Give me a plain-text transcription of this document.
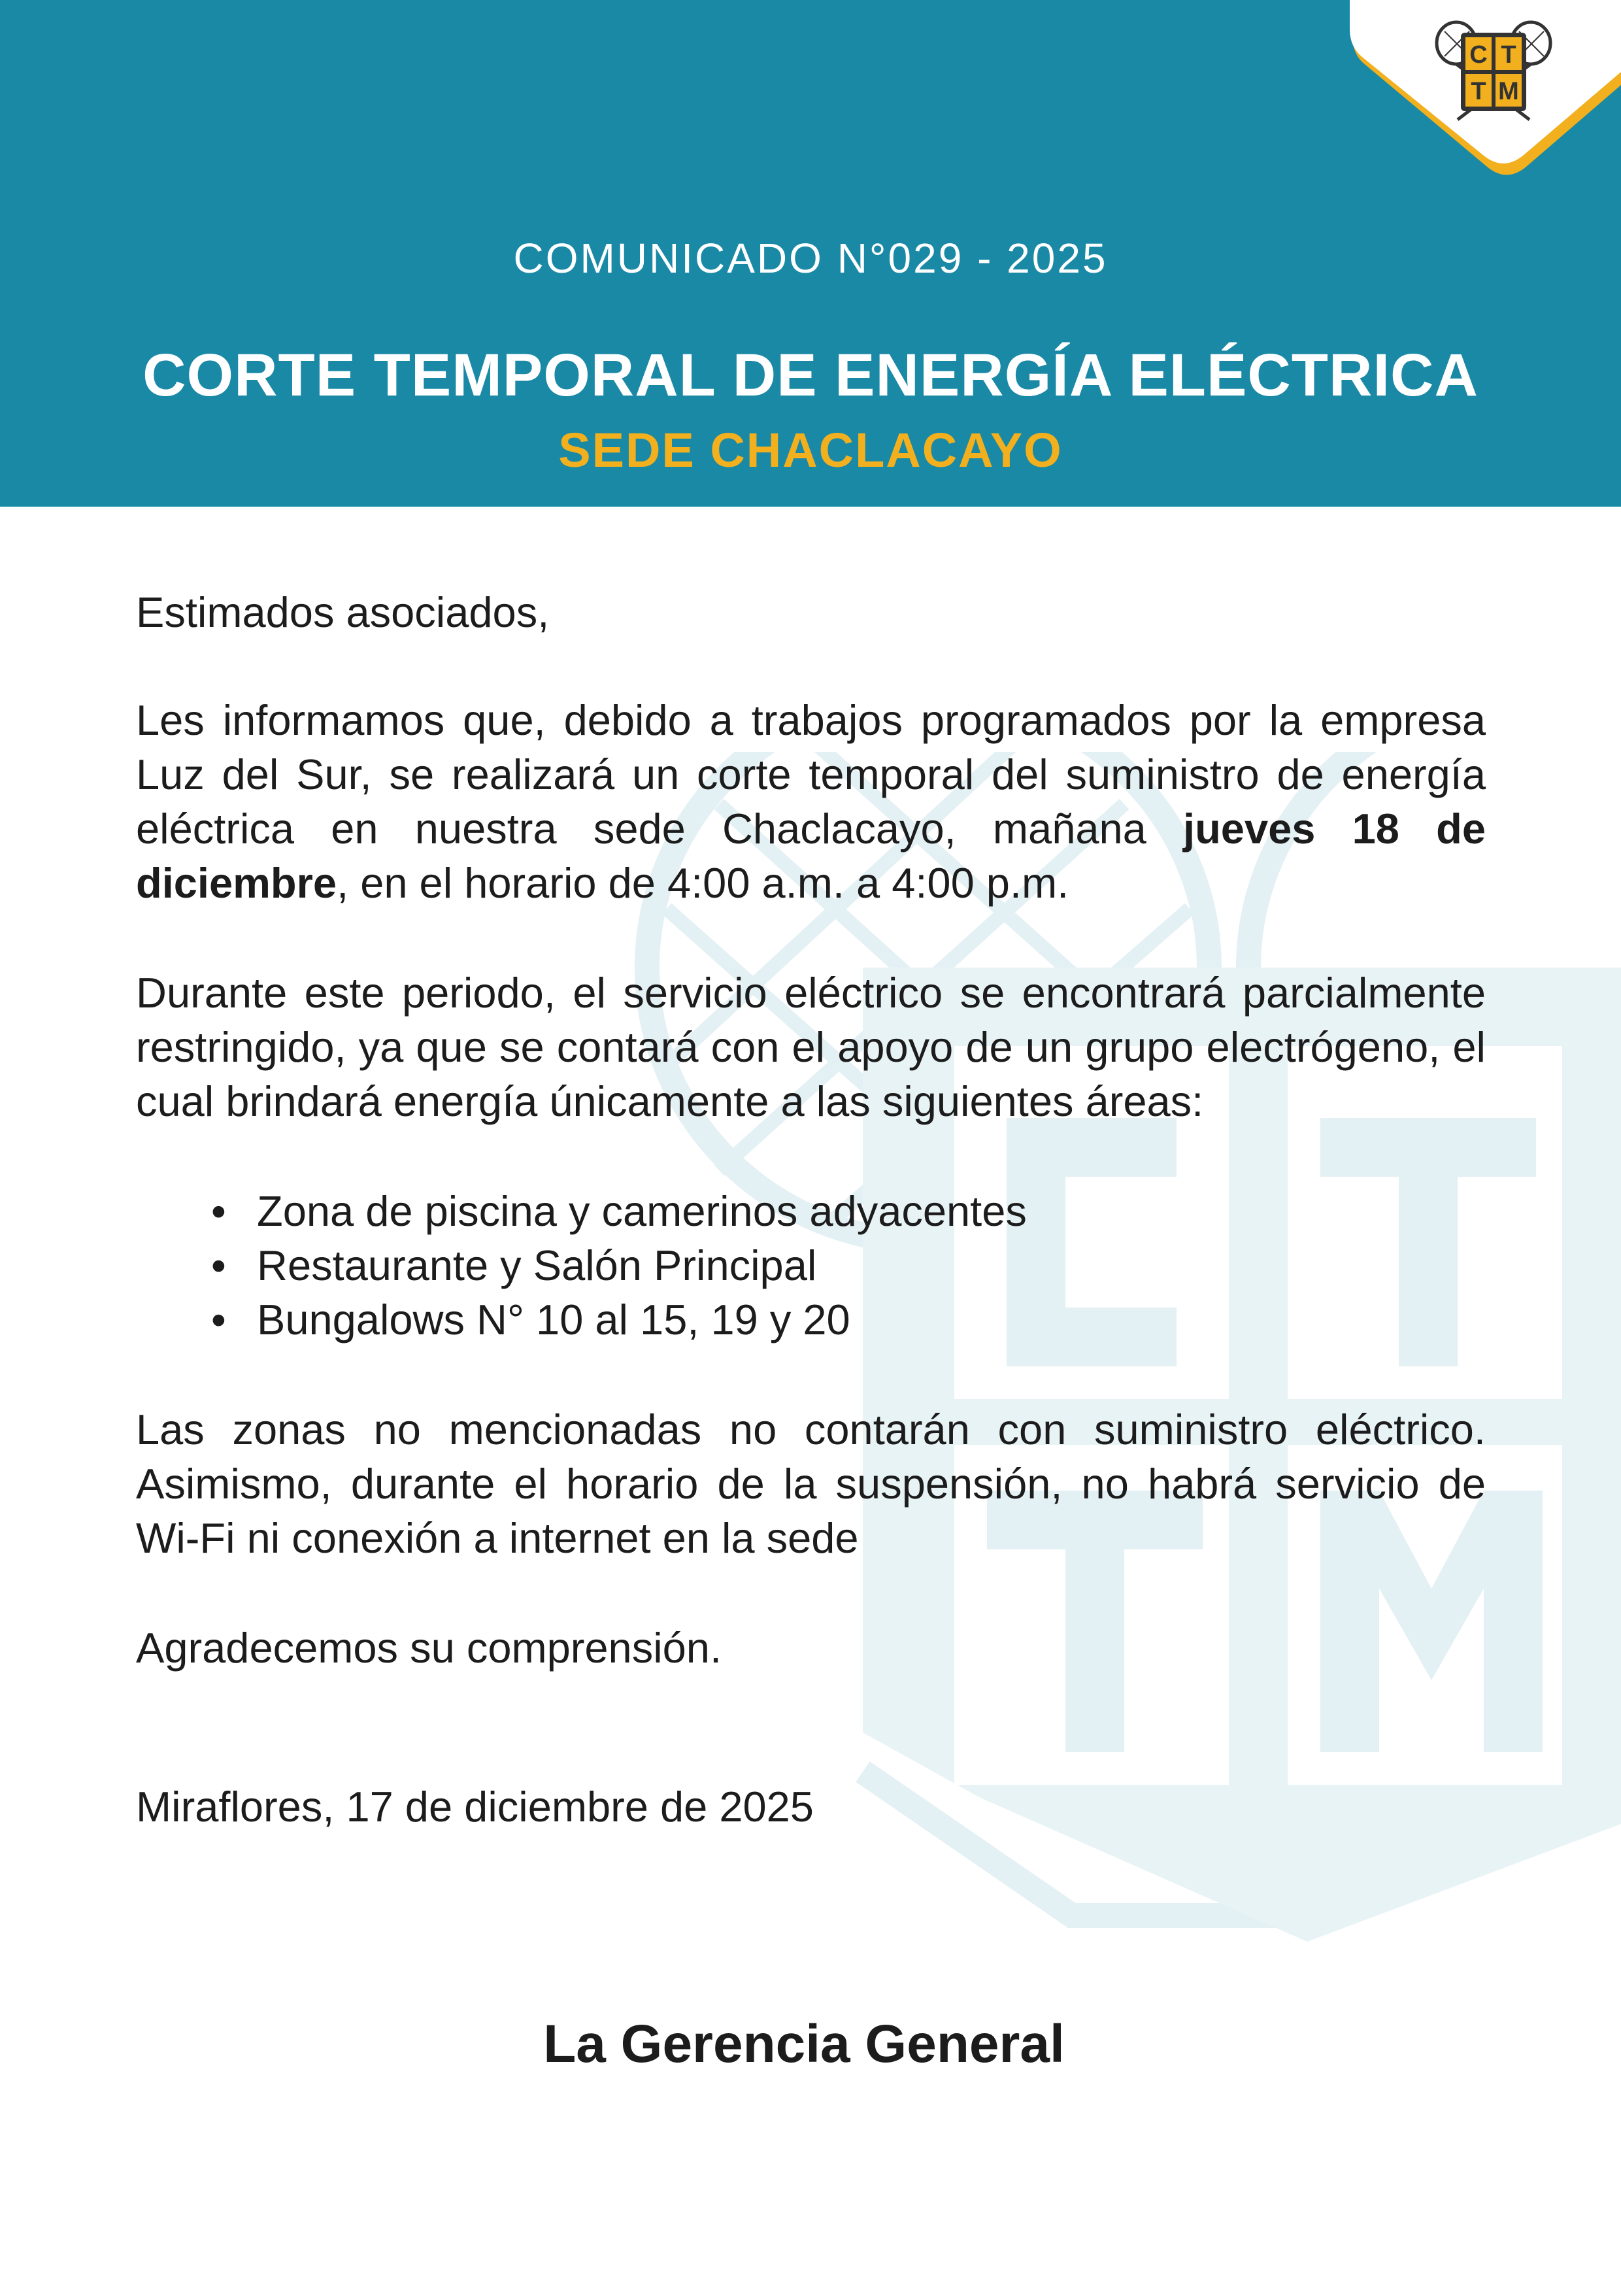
C T
T M
COMUNICADO N°029 - 2025
CORTE TEMPORAL DE ENERGÍA ELÉCTRICA
SEDE CHACLACAYO

Estimados asociados,

Les informamos que, debido a trabajos programados por la empresa Luz del Sur, se realizará un corte temporal del suministro de energía eléctrica en nuestra sede Chaclacayo, mañana jueves 18 de diciembre, en el horario de 4:00 a.m. a 4:00 p.m.

Durante este periodo, el servicio eléctrico se encontrará parcialmente restringido, ya que se contará con el apoyo de un grupo electrógeno, el cual brindará energía únicamente a las siguientes áreas:

• Zona de piscina y camerinos adyacentes
• Restaurante y Salón Principal
• Bungalows N° 10 al 15, 19 y 20

Las zonas no mencionadas no contarán con suministro eléctrico. Asimismo, durante el horario de la suspensión, no habrá servicio de Wi-Fi ni conexión a internet en la sede

Agradecemos su comprensión.

Miraflores, 17 de diciembre de 2025

La Gerencia General
